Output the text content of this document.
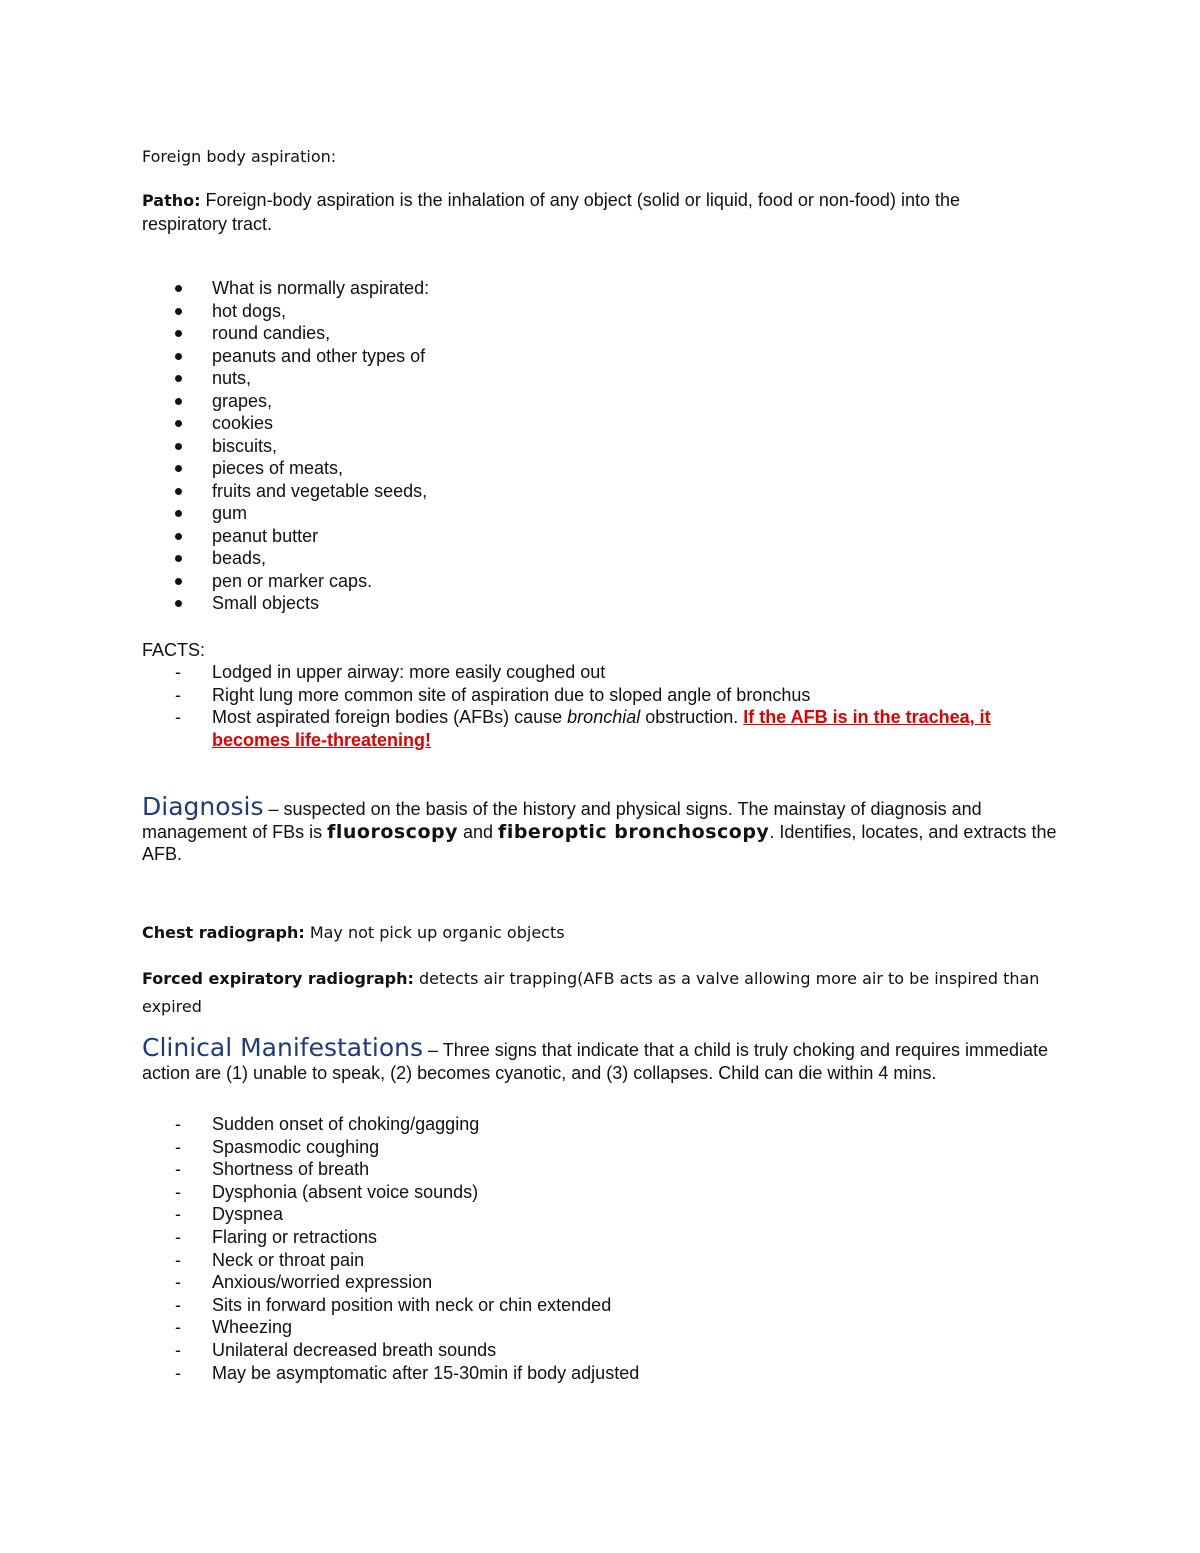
Foreign body aspiration:
Patho: Foreign-body aspiration is the inhalation of any object (solid or liquid, food or non-food) into the respiratory tract.
What is normally aspirated:
hot dogs,
round candies,
peanuts and other types of
nuts,
grapes,
cookies
biscuits,
pieces of meats,
fruits and vegetable seeds,
gum
peanut butter
beads,
pen or marker caps.
Small objects
FACTS:
- Lodged in upper airway: more easily coughed out
- Right lung more common site of aspiration due to sloped angle of bronchus
- Most aspirated foreign bodies (AFBs) cause bronchial obstruction. If the AFB is in the trachea, it becomes life-threatening!
Diagnosis – suspected on the basis of the history and physical signs. The mainstay of diagnosis and management of FBs is fluoroscopy and fiberoptic bronchoscopy. Identifies, locates, and extracts the AFB.
Chest radiograph: May not pick up organic objects
Forced expiratory radiograph: detects air trapping(AFB acts as a valve allowing more air to be inspired than expired
Clinical Manifestations – Three signs that indicate that a child is truly choking and requires immediate action are (1) unable to speak, (2) becomes cyanotic, and (3) collapses. Child can die within 4 mins.
- Sudden onset of choking/gagging
- Spasmodic coughing
- Shortness of breath
- Dysphonia (absent voice sounds)
- Dyspnea
- Flaring or retractions
- Neck or throat pain
- Anxious/worried expression
- Sits in forward position with neck or chin extended
- Wheezing
- Unilateral decreased breath sounds
- May be asymptomatic after 15-30min if body adjusted
